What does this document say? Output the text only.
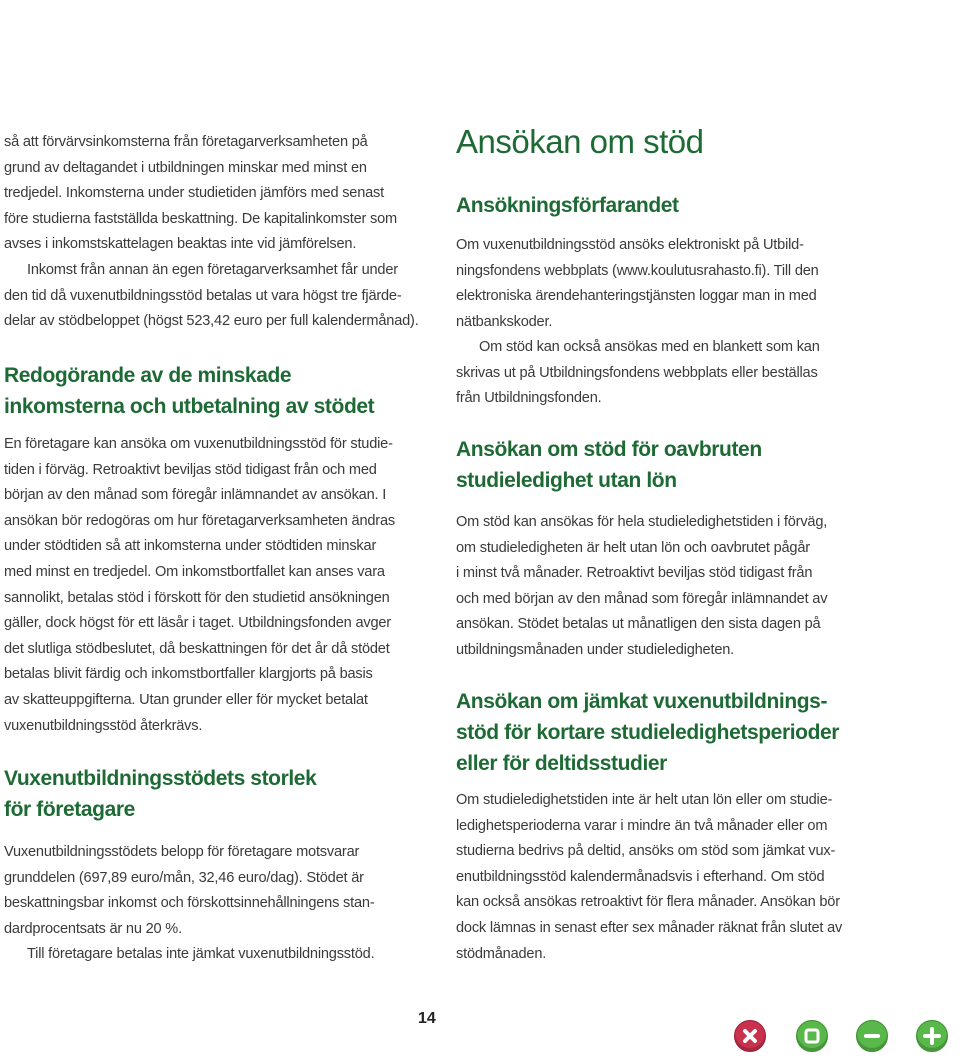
så att förvärvsinkomsterna från företagarverksamheten på
grund av deltagandet i utbildningen minskar med minst en
tredjedel. Inkomsterna under studietiden jämförs med senast
före studierna fastställda beskattning. De kapitalinkomster som
avses i inkomstskattelagen beaktas inte vid jämförelsen.

Inkomst från annan än egen företagarverksamhet får under
den tid då vuxenutbildningsstöd betalas ut vara högst tre fjärde-
delar av stödbeloppet (högst 523,42 euro per full kalendermånad).

Redogörande av de minskade
inkomsterna och utbetalning av stödet

En företagare kan ansöka om vuxenutbildningsstöd för studie-
tiden i förväg. Retroaktivt beviljas stöd tidigast från och med
början av den månad som föregår inlämnandet av ansökan. I
ansökan bör redogöras om hur företagarverksamheten ändras
under stödtiden så att inkomsterna under stödtiden minskar
med minst en tredjedel. Om inkomstbortfallet kan anses vara
sannolikt, betalas stöd i förskott för den studietid ansökningen
gäller, dock högst för ett läsår i taget. Utbildningsfonden avger
det slutliga stödbeslutet, då beskattningen för det år då stödet
betalas blivit färdig och inkomstbortfaller klargjorts på basis
av skatteuppgifterna. Utan grunder eller för mycket betalat
vuxenutbildningsstöd återkrävs.

Vuxenutbildningsstödets storlek
för företagare

Vuxenutbildningsstödets belopp för företagare motsvarar
grunddelen (697,89 euro/mån, 32,46 euro/dag). Stödet är
beskattningsbar inkomst och förskottsinnehållningens stan-
dardprocentsats är nu 20 %.

Till företagare betalas inte jämkat vuxenutbildningsstöd.

Ansökan om stöd
Ansökningsförfarandet

Om vuxenutbildningsstöd ansöks elektroniskt på Utbild-
ningsfondens webbplats (www.koulutusrahasto.fi). Till den
elektroniska ärendehanteringstjänsten loggar man in med
nätbankskoder.

Om stöd kan också ansökas med en blankett som kan
skrivas ut på Utbildningsfondens webbplats eller beställas
från Utbildningsfonden.

Ansökan om stöd för oavbruten
studieledighet utan lön

Om stöd kan ansökas för hela studieledighetstiden i förväg,
om studieledigheten är helt utan lön och oavbrutet pågår
i minst två månader. Retroaktivt beviljas stöd tidigast från
och med början av den månad som föregår inlämnandet av
ansökan. Stödet betalas ut månatligen den sista dagen på
utbildningsmånaden under studieledigheten.

Ansökan om jämkat vuxenutbildnings-
stöd för kortare studieledighetsperioder
eller för deltidsstudier

Om studieledighetstiden inte är helt utan lön eller om studie-
ledighetsperioderna varar i mindre än två månader eller om
studierna bedrivs på deltid, ansöks om stöd som jämkat vux-
enutbildningsstöd kalendermånadsvis i efterhand. Om stöd
kan också ansökas retroaktivt för flera månader. Ansökan bör
dock lämnas in senast efter sex månader räknat från slutet av
stödmånaden.

14
